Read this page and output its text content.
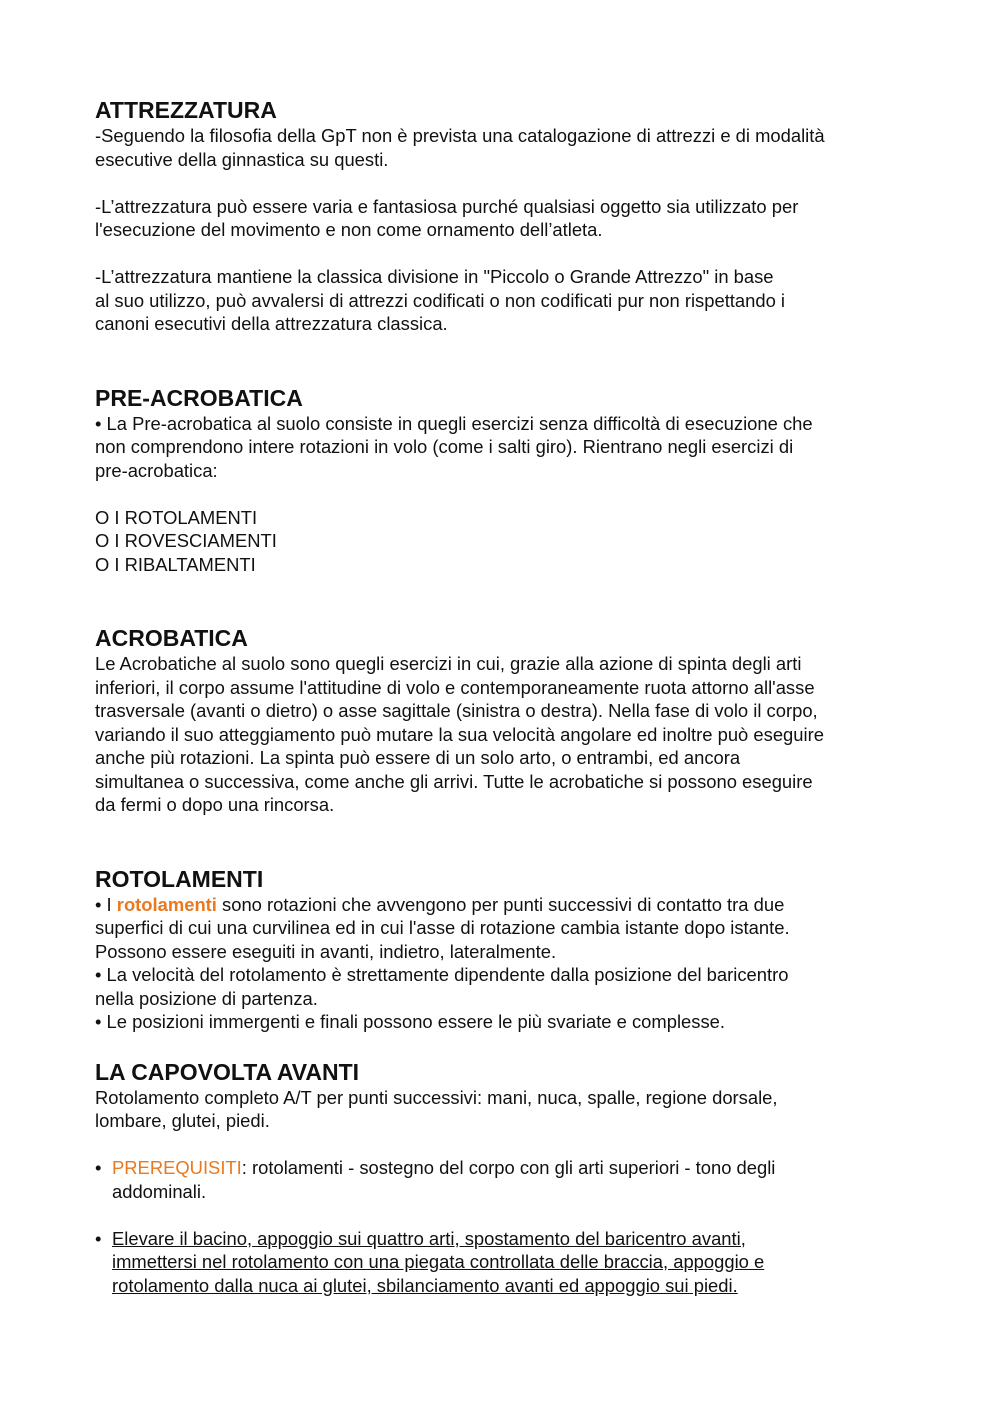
ATTREZZATURA

-Seguendo la filosofia della GpT non è prevista una catalogazione di attrezzi e di modalità
esecutive della ginnastica su questi.

-L’attrezzatura può essere varia e fantasiosa purché qualsiasi oggetto sia utilizzato per
l'esecuzione del movimento e non come ornamento dell’atleta.

-L’attrezzatura mantiene la classica divisione in "Piccolo o Grande Attrezzo" in base
al suo utilizzo, può avvalersi di attrezzi codificati o non codificati pur non rispettando i
canoni esecutivi della attrezzatura classica.

PRE-ACROBATICA

• La Pre-acrobatica al suolo consiste in quegli esercizi senza difficoltà di esecuzione che
non comprendono intere rotazioni in volo (come i salti giro). Rientrano negli esercizi di
pre-acrobatica:

O I ROTOLAMENTI
O I ROVESCIAMENTI
O I RIBALTAMENTI

ACROBATICA

Le Acrobatiche al suolo sono quegli esercizi in cui, grazie alla azione di spinta degli arti
inferiori, il corpo assume l'attitudine di volo e contemporaneamente ruota attorno all'asse
trasversale (avanti o dietro) o asse sagittale (sinistra o destra). Nella fase di volo il corpo,
variando il suo atteggiamento può mutare la sua velocità angolare ed inoltre può eseguire
anche più rotazioni. La spinta può essere di un solo arto, o entrambi, ed ancora
simultanea o successiva, come anche gli arrivi. Tutte le acrobatiche si possono eseguire
da fermi o dopo una rincorsa.

ROTOLAMENTI

• I rotolamenti sono rotazioni che avvengono per punti successivi di contatto tra due
superfici di cui una curvilinea ed in cui l'asse di rotazione cambia istante dopo istante.
Possono essere eseguiti in avanti, indietro, lateralmente.
• La velocità del rotolamento è strettamente dipendente dalla posizione del baricentro
nella posizione di partenza.
• Le posizioni immergenti e finali possono essere le più svariate e complesse.

LA CAPOVOLTA AVANTI

Rotolamento completo A/T per punti successivi: mani, nuca, spalle, regione dorsale,
lombare, glutei, piedi.

• PREREQUISITI: rotolamenti - sostegno del corpo con gli arti superiori - tono degli
addominali.
• Elevare il bacino, appoggio sui quattro arti, spostamento del baricentro avanti,
immettersi nel rotolamento con una piegata controllata delle braccia, appoggio e
rotolamento dalla nuca ai glutei, sbilanciamento avanti ed appoggio sui piedi.
